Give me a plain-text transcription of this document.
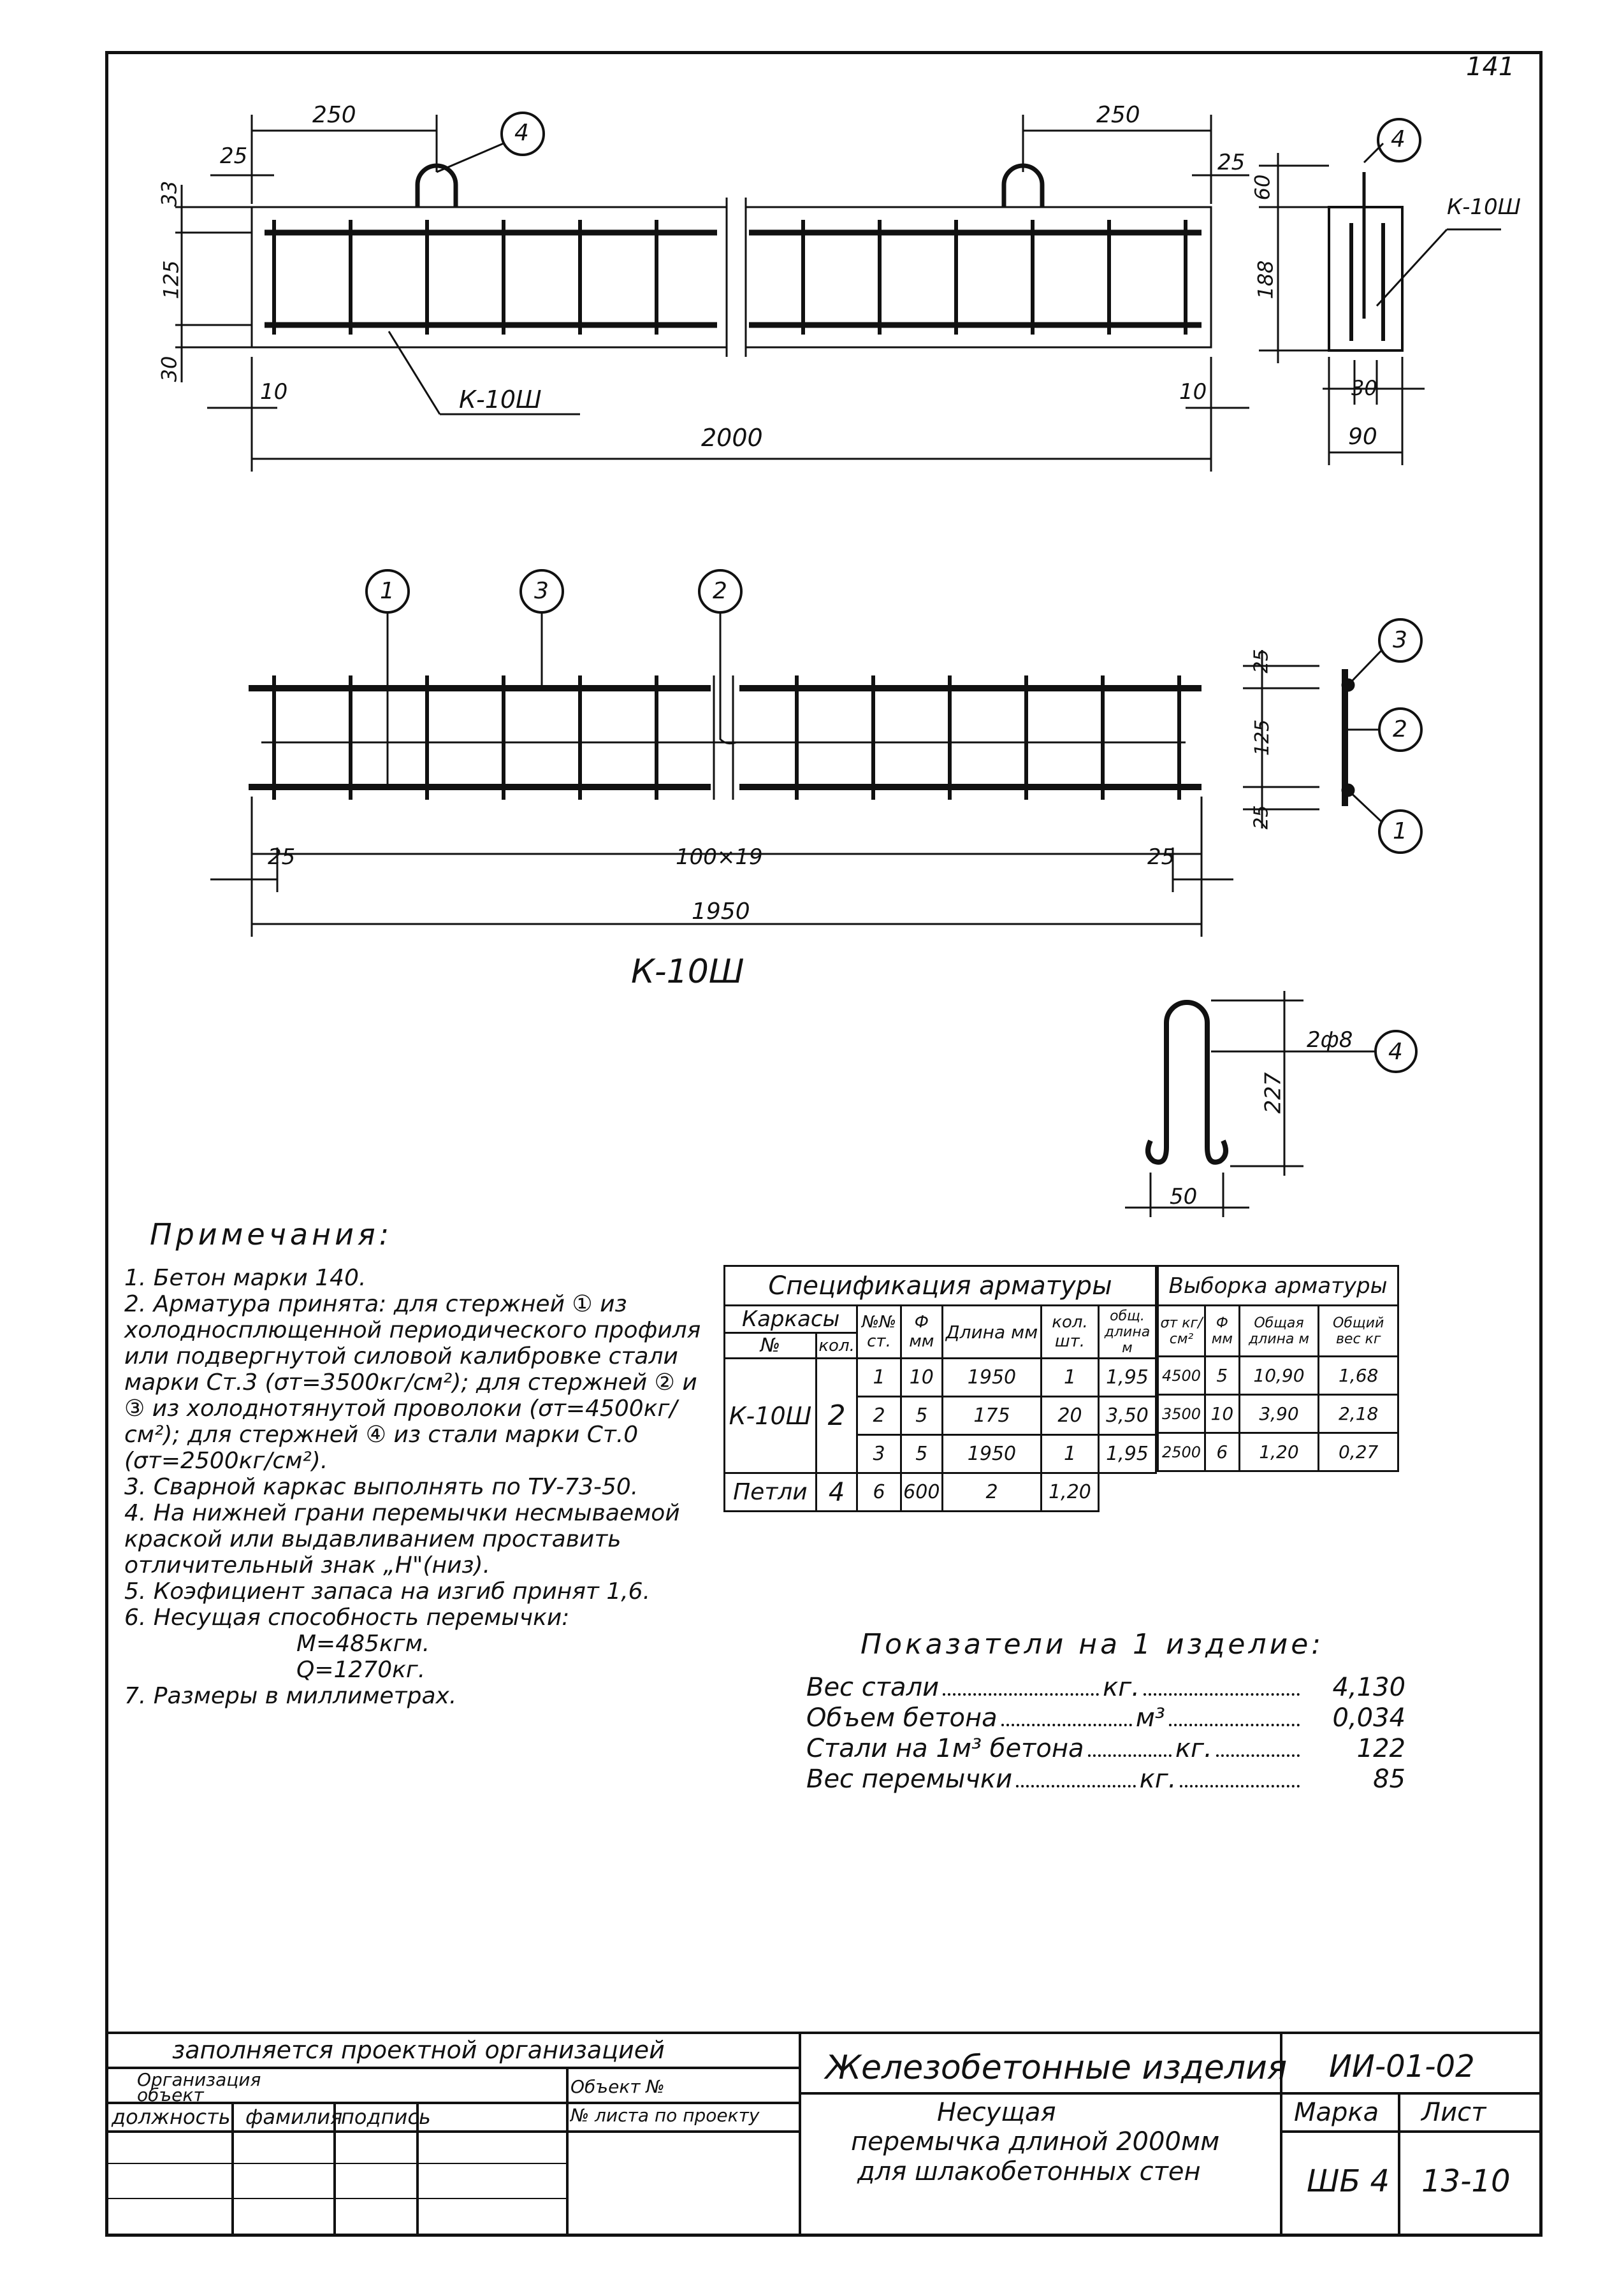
141
250	250
4
25	25
33
125
30
10	10
К-10Ш
2000
60
188
30
90
4
К-10Ш
1	3	2
25	100×19	25
1950
К-10Ш
25
125
25
3
2
1
227
50
2ф8 4
Примечания:
1. Бетон марки 140.
2. Арматура принята: для стержней ① из холодносплющенной периодического профиля или подвергнутой силовой калибровке стали марки Ст.3 (σт=3500кг/см²); для стержней ② и ③ из холоднотянутой проволоки (σт=4500кг/см²); для стержней ④ из стали марки Ст.0 (σт=2500кг/см²).
3. Сварной каркас выполнять по ТУ-73-50.
4. На нижней грани перемычки несмываемой краской или выдавливанием проставить отличительный знак „Н"(низ).
5. Коэфициент запаса на изгиб принят 1,6.
6. Несущая способность перемычки:
М=485кгм.
Q=1270кг.
7. Размеры в миллиметрах.
Спецификация арматуры						
Каркасы		№№ ст.	Ф мм	Длина мм	кол. шт.	общ. длина м
№	кол.					
К-10Ш	2	1	10	1950	1	1,95
		2	5	175	20	3,50
		3	5	1950	1	1,95
Петли	4	6	600	2	1,20	
Выборка арматуры			
σт кг/см²	Ф мм	Общая длина м	Общий вес кг
4500	5	10,90	1,68
3500	10	3,90	2,18
2500	6	1,20	0,27
Показатели на 1 изделие:
Вес стали	кг.	4,130
Объем бетона	м³	0,034
Стали на 1м³ бетона	кг.	122
Вес перемычки	кг.	85
заполняется проектной организацией
Организация объект	Объект №
должность фамилия
подпись	№ листа по проекту
Железобетонные изделия ИИ-01-02
Несущая
перемычка длиной 2000мм
для шлакобетонных стен
Марка Лист
ШБ 4 13-10
